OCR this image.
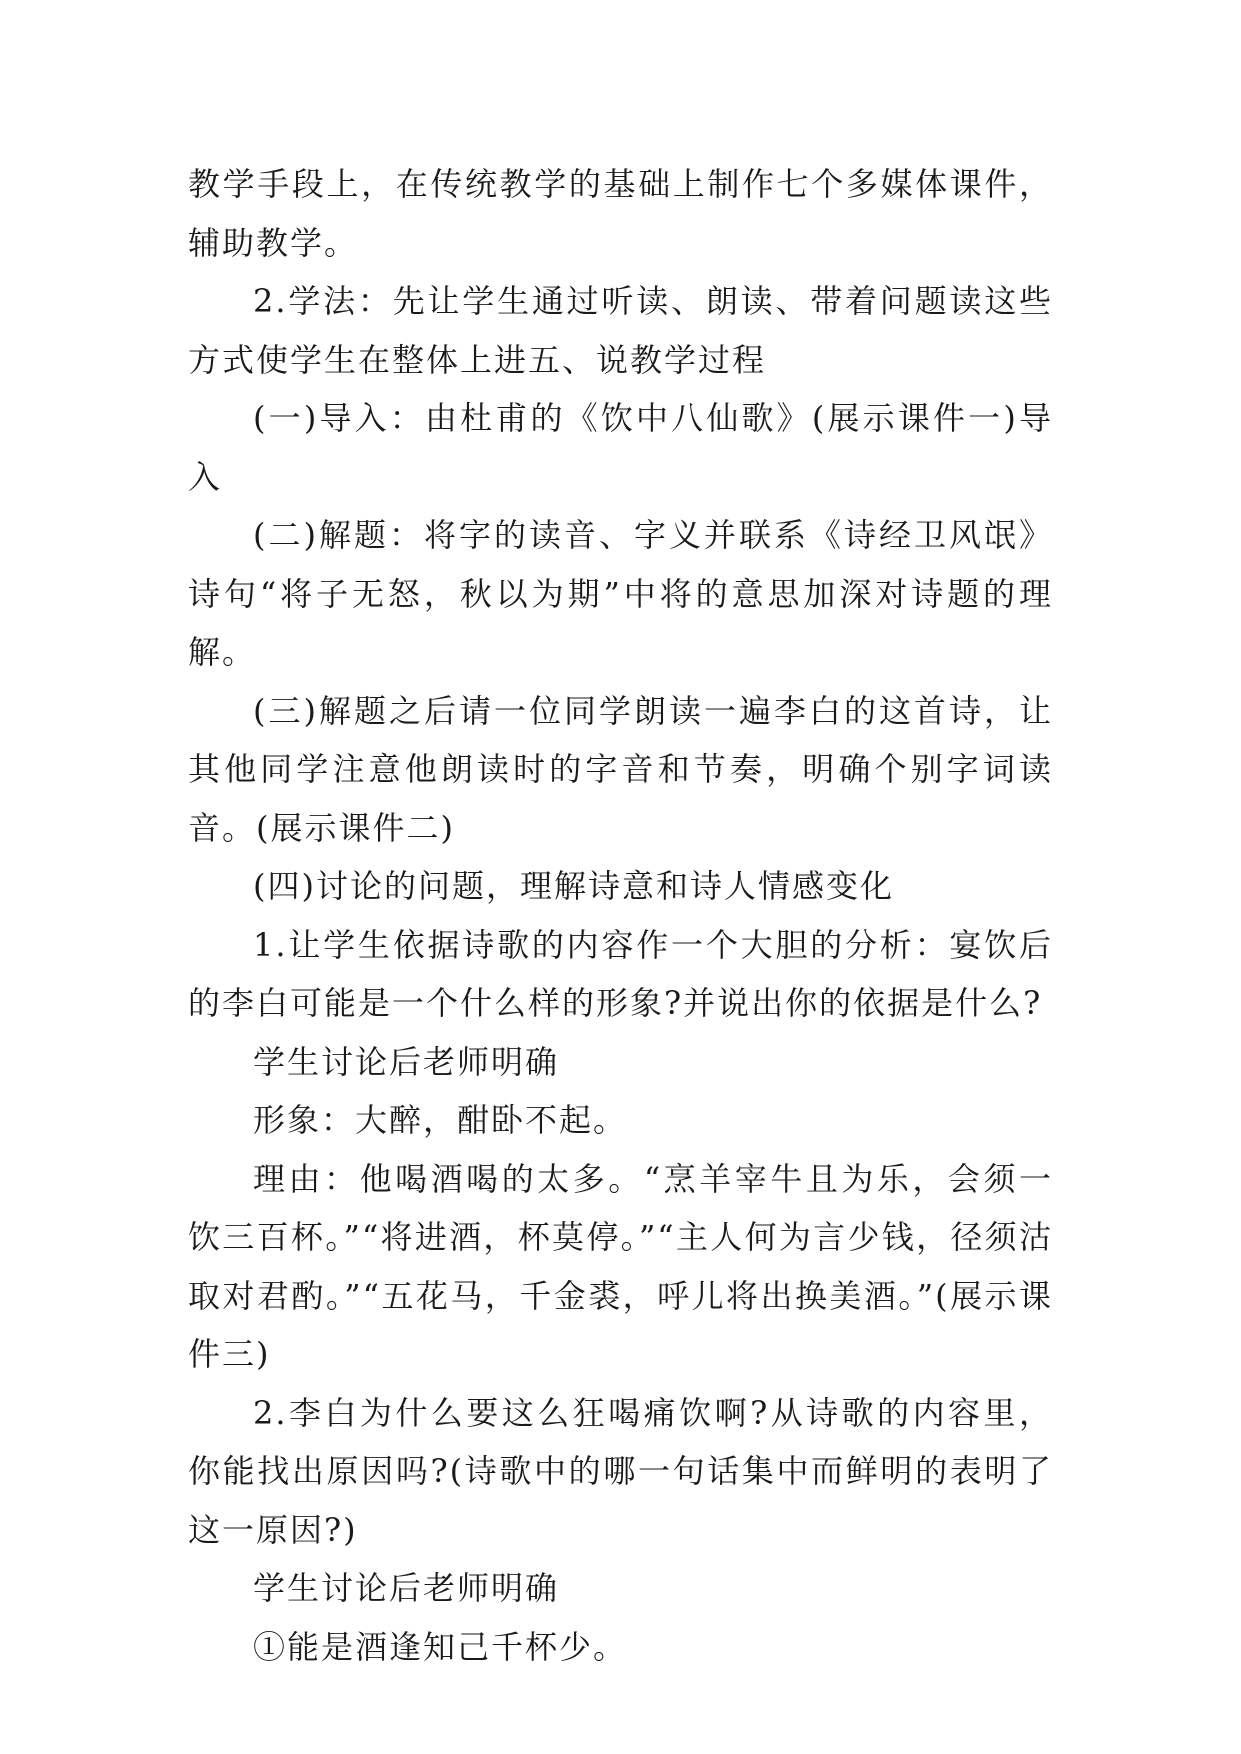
教学手段上，在传统教学的基础上制作七个多媒体课件，辅助教学。

2.学法：先让学生通过听读、朗读、带着问题读这些方式使学生在整体上进五、说教学过程

(一)导入：由杜甫的《饮中八仙歌》(展示课件一)导入

(二)解题：将字的读音、字义并联系《诗经卫风氓》诗句“将子无怒，秋以为期”中将的意思加深对诗题的理解。

(三)解题之后请一位同学朗读一遍李白的这首诗，让其他同学注意他朗读时的字音和节奏，明确个别字词读音。(展示课件二)

(四)讨论的问题，理解诗意和诗人情感变化

1.让学生依据诗歌的内容作一个大胆的分析：宴饮后的李白可能是一个什么样的形象?并说出你的依据是什么?

学生讨论后老师明确

形象：大醉，酣卧不起。

理由：他喝酒喝的太多。“烹羊宰牛且为乐，会须一饮三百杯。”“将进酒，杯莫停。”“主人何为言少钱，径须沽取对君酌。”“五花马，千金裘，呼儿将出换美酒。”(展示课件三)

2.李白为什么要这么狂喝痛饮啊?从诗歌的内容里，你能找出原因吗?(诗歌中的哪一句话集中而鲜明的表明了这一原因?)

学生讨论后老师明确

①能是酒逢知己千杯少。
